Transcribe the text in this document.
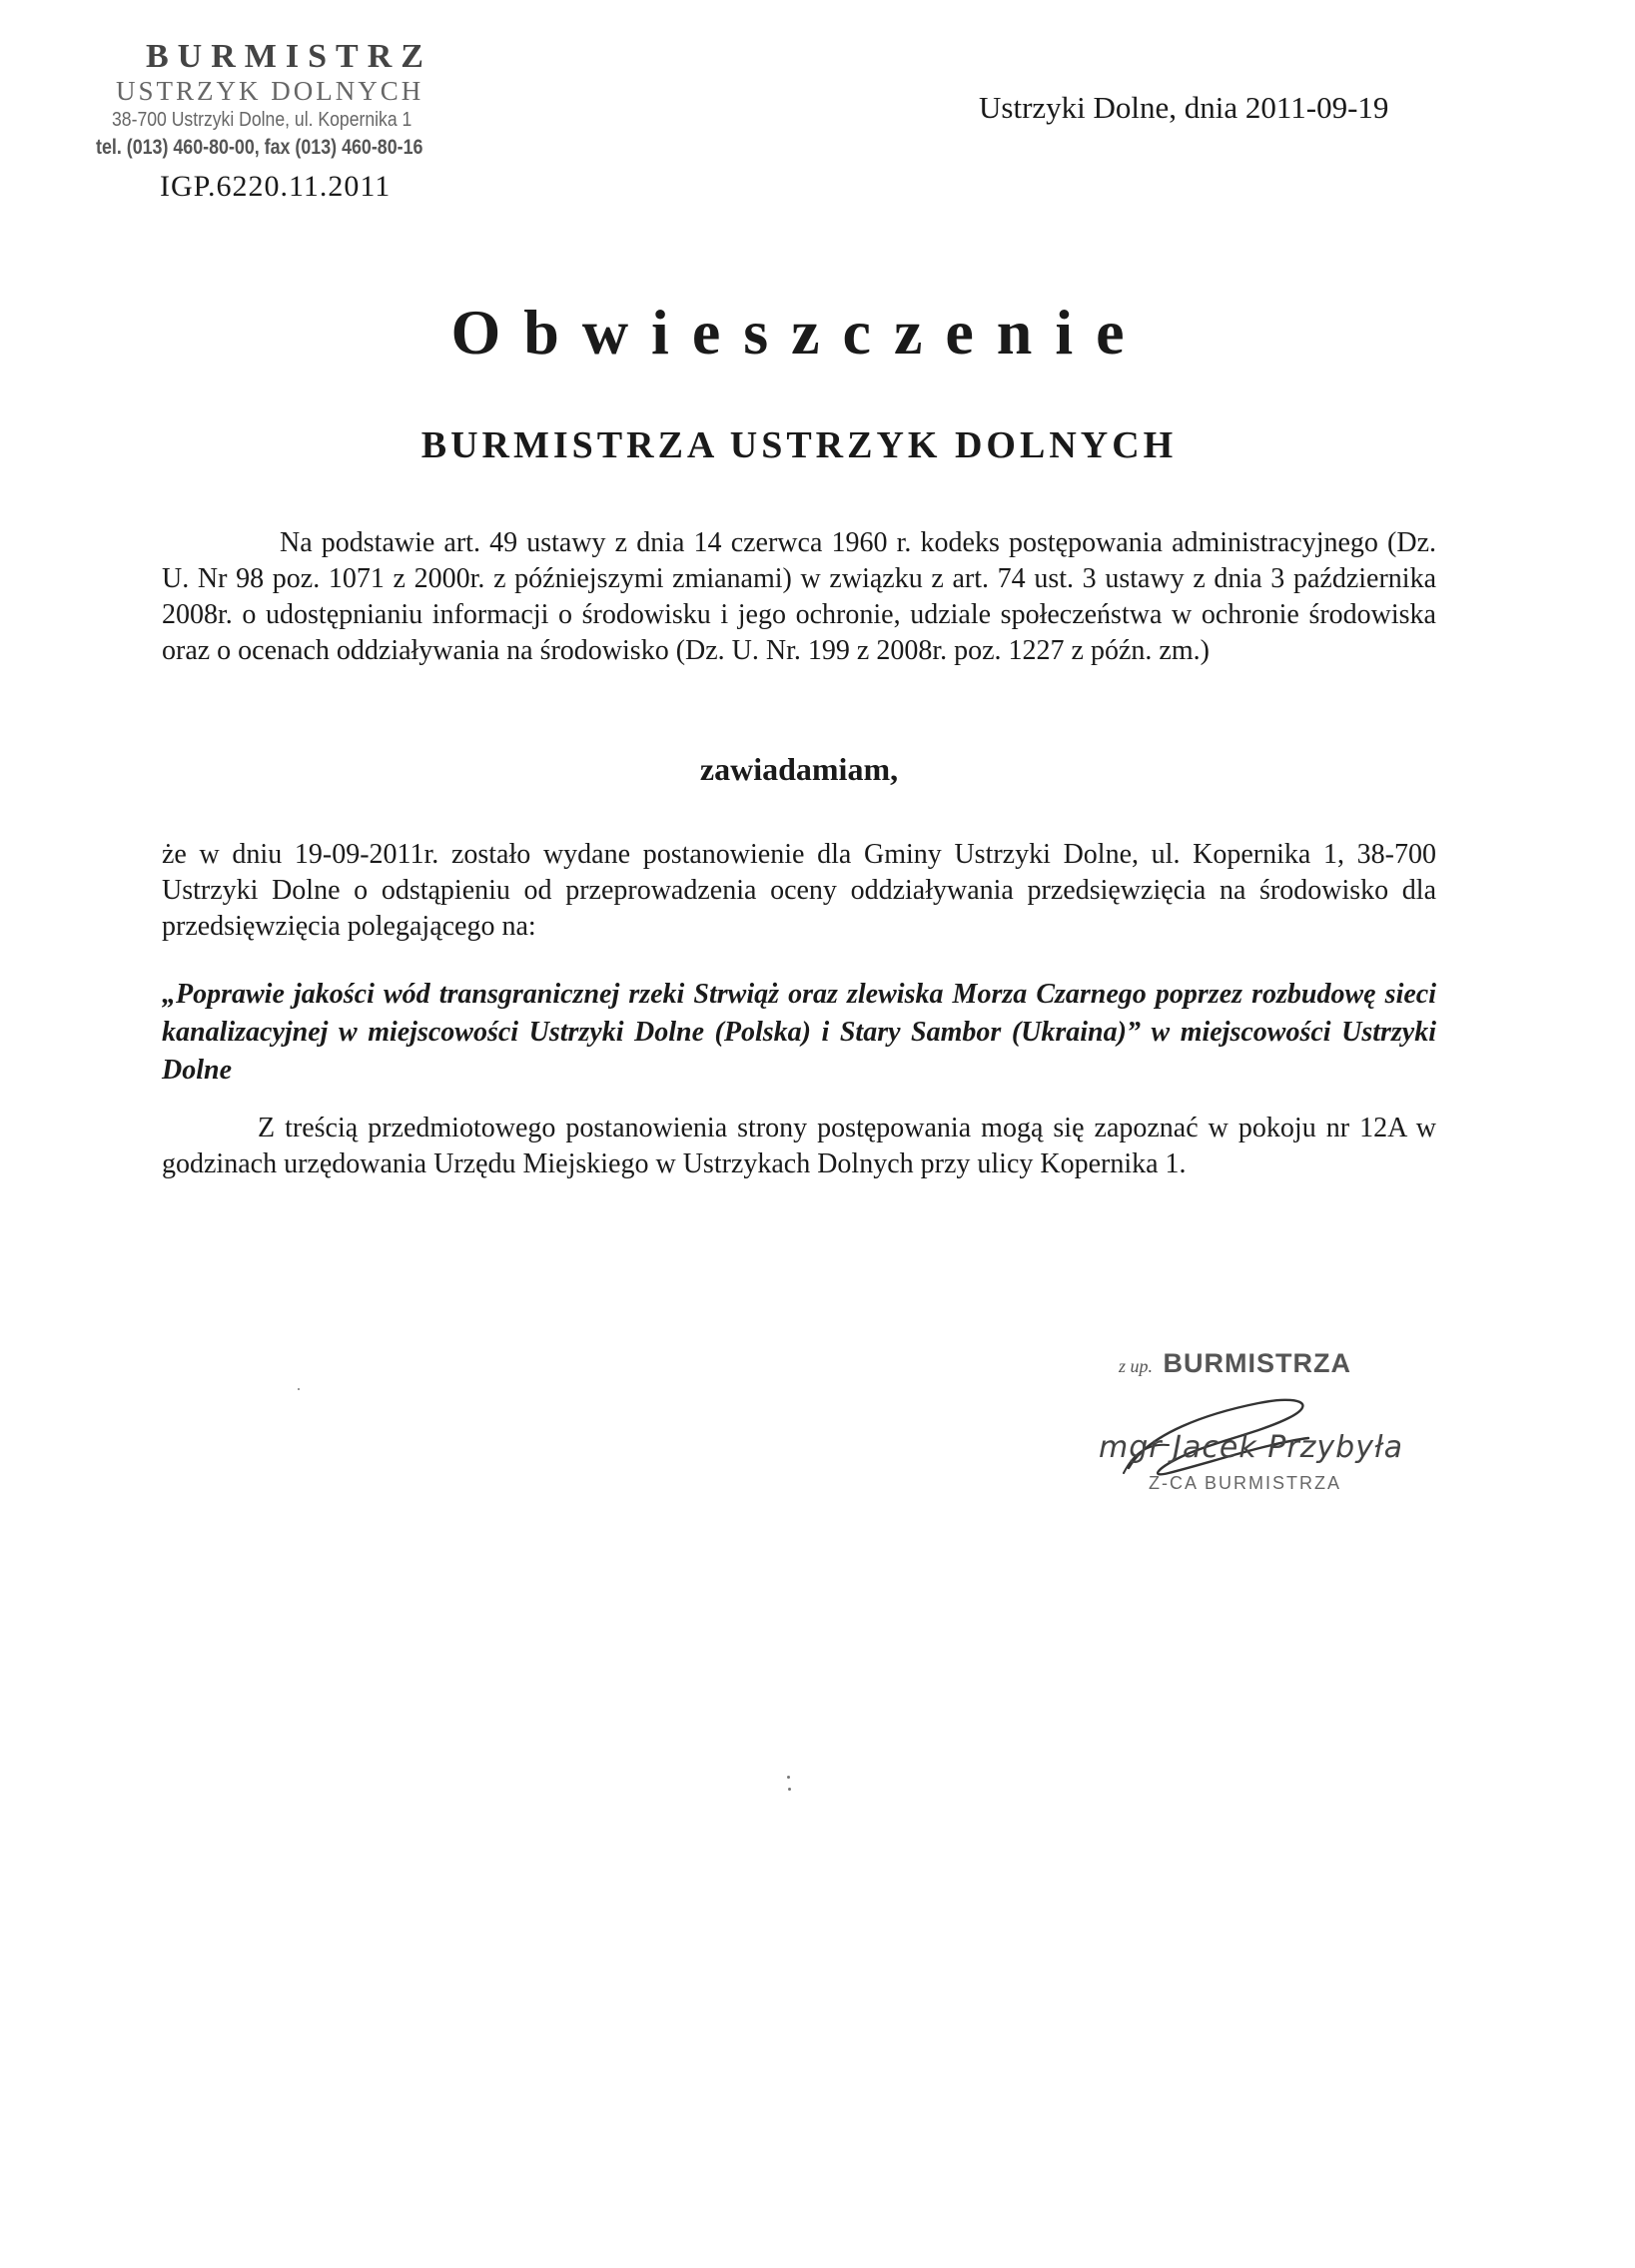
BURMISTRZ
USTRZYK DOLNYCH
38-700 Ustrzyki Dolne, ul. Kopernika 1
tel. (013) 460-80-00, fax (013) 460-80-16
IGP.6220.11.2011
Ustrzyki Dolne, dnia 2011-09-19
Obwieszczenie
BURMISTRZA USTRZYK DOLNYCH
Na podstawie art. 49 ustawy z dnia 14 czerwca 1960 r. kodeks postępowania administracyjnego (Dz. U. Nr 98 poz. 1071 z 2000r. z późniejszymi zmianami) w związku z art. 74 ust. 3 ustawy z dnia 3 października 2008r. o udostępnianiu informacji o środowisku i jego ochronie, udziale społeczeństwa w ochronie środowiska oraz o ocenach oddziaływania na środowisko (Dz. U. Nr. 199 z 2008r. poz. 1227 z późn. zm.)
zawiadamiam,
że w dniu 19-09-2011r. zostało wydane postanowienie dla Gminy Ustrzyki Dolne, ul. Kopernika 1, 38-700 Ustrzyki Dolne o odstąpieniu od przeprowadzenia oceny oddziaływania przedsięwzięcia na środowisko dla przedsięwzięcia polegającego na:
„Poprawie jakości wód transgranicznej rzeki Strwiąż oraz zlewiska Morza Czarnego poprzez rozbudowę sieci kanalizacyjnej w miejscowości Ustrzyki Dolne (Polska) i Stary Sambor (Ukraina)” w miejscowości Ustrzyki Dolne
Z treścią przedmiotowego postanowienia strony postępowania mogą się zapoznać w pokoju nr 12A w godzinach urzędowania Urzędu Miejskiego w Ustrzykach Dolnych przy ulicy Kopernika 1.
z up. BURMISTRZA
mgr Jacek Przybyła
Z-CA BURMISTRZA
